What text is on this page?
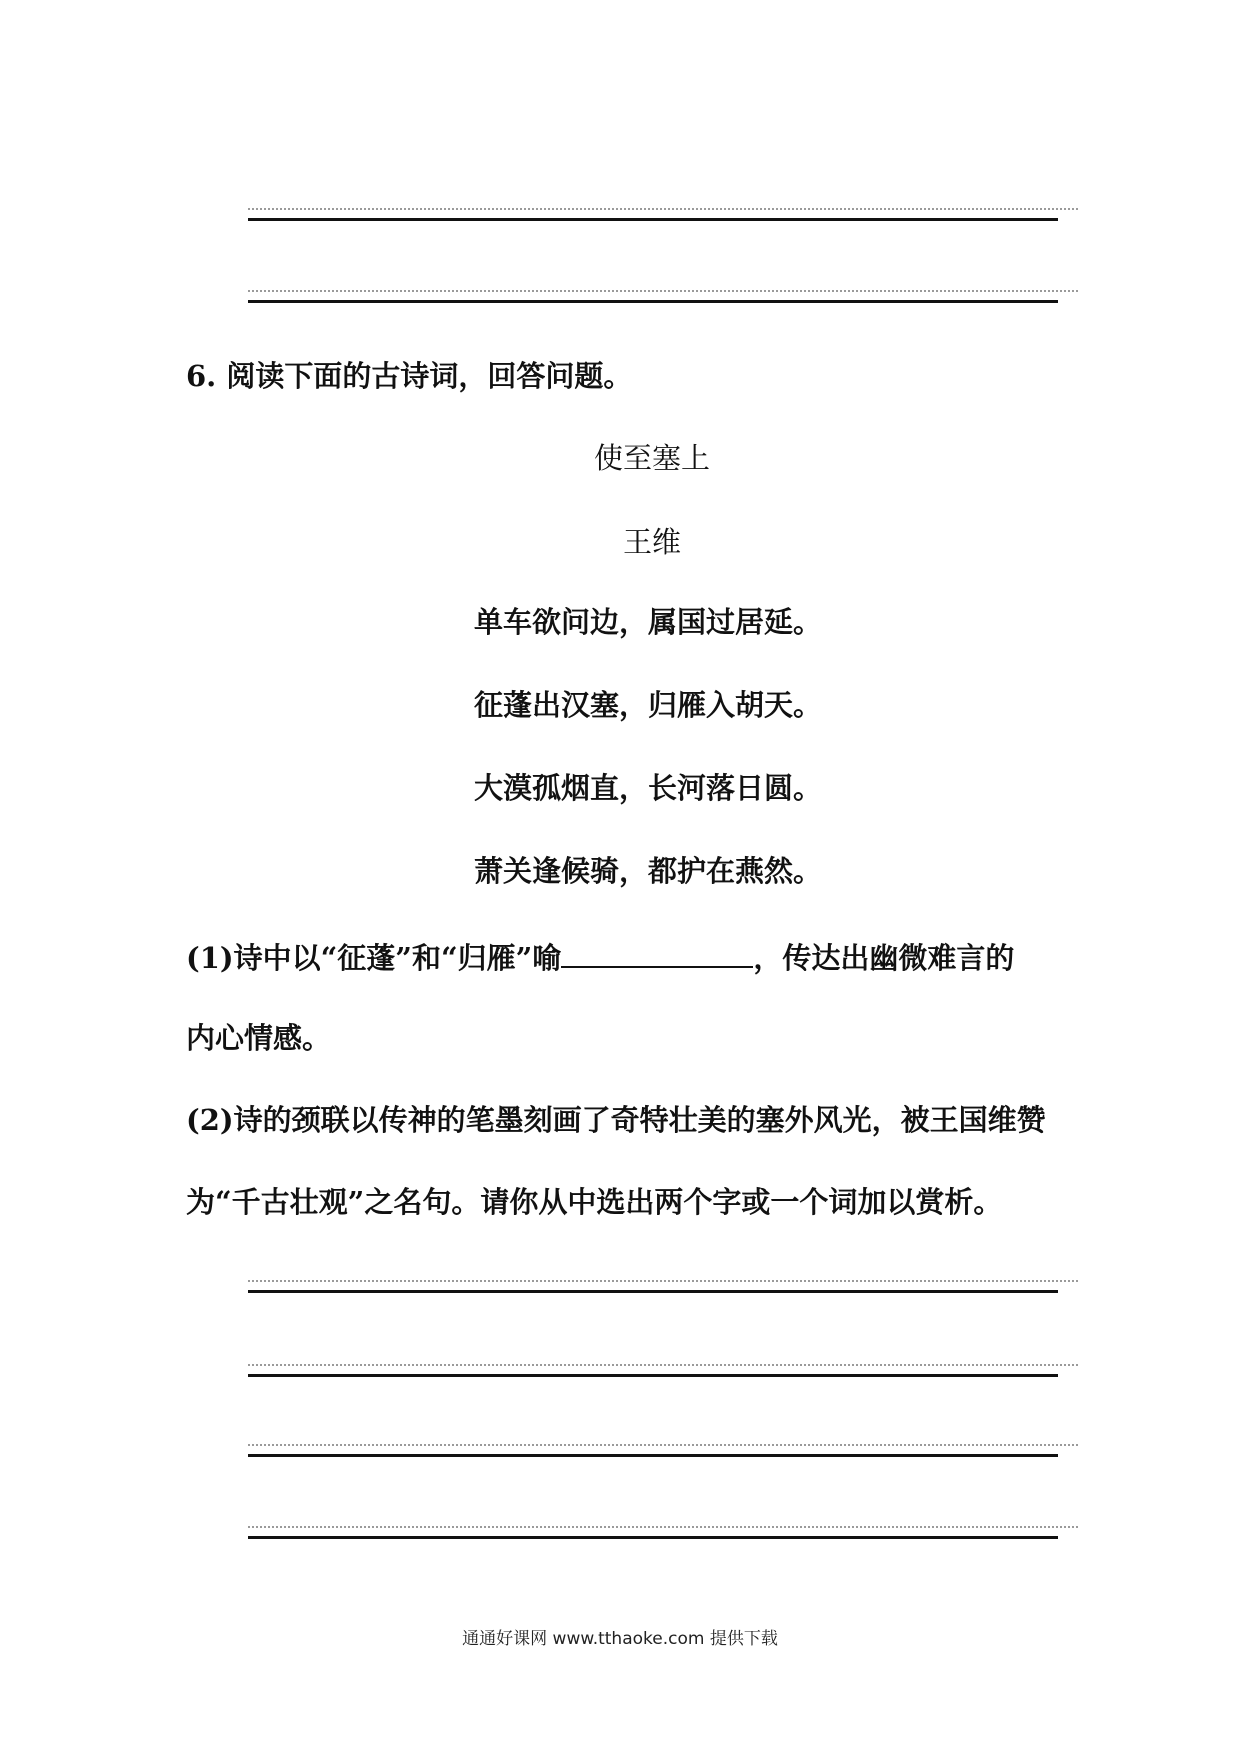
6. 阅读下面的古诗词，回答问题。
使至塞上
王维
单车欲问边，属国过居延。
征蓬出汉塞，归雁入胡天。
大漠孤烟直，长河落日圆。
萧关逢候骑，都护在燕然。
(1)诗中以“征蓬”和“归雁”喻	，传达出幽微难言的
内心情感。
(2)诗的颈联以传神的笔墨刻画了奇特壮美的塞外风光，被王国维赞
为“千古壮观”之名句。请你从中选出两个字或一个词加以赏析。
通通好课网 www.tthaoke.com 提供下载
